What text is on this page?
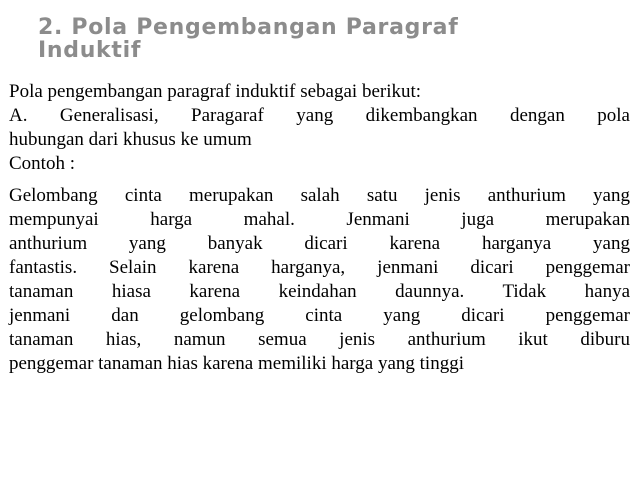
2. Pola Pengembangan Paragraf
Induktif

Pola pengembangan paragraf induktif sebagai berikut:

A. Generalisasi, Paragaraf yang dikembangkan dengan pola
hubungan dari khusus ke umum

Contoh :

Gelombang cinta merupakan salah satu jenis anthurium yang
mempunyai harga mahal. Jenmani juga merupakan
anthurium yang banyak dicari karena harganya yang
fantastis. Selain karena harganya, jenmani dicari penggemar
tanaman hiasa karena keindahan daunnya. Tidak hanya
jenmani dan gelombang cinta yang dicari penggemar
tanaman hias, namun semua jenis anthurium ikut diburu
penggemar tanaman hias karena memiliki harga yang tinggi
